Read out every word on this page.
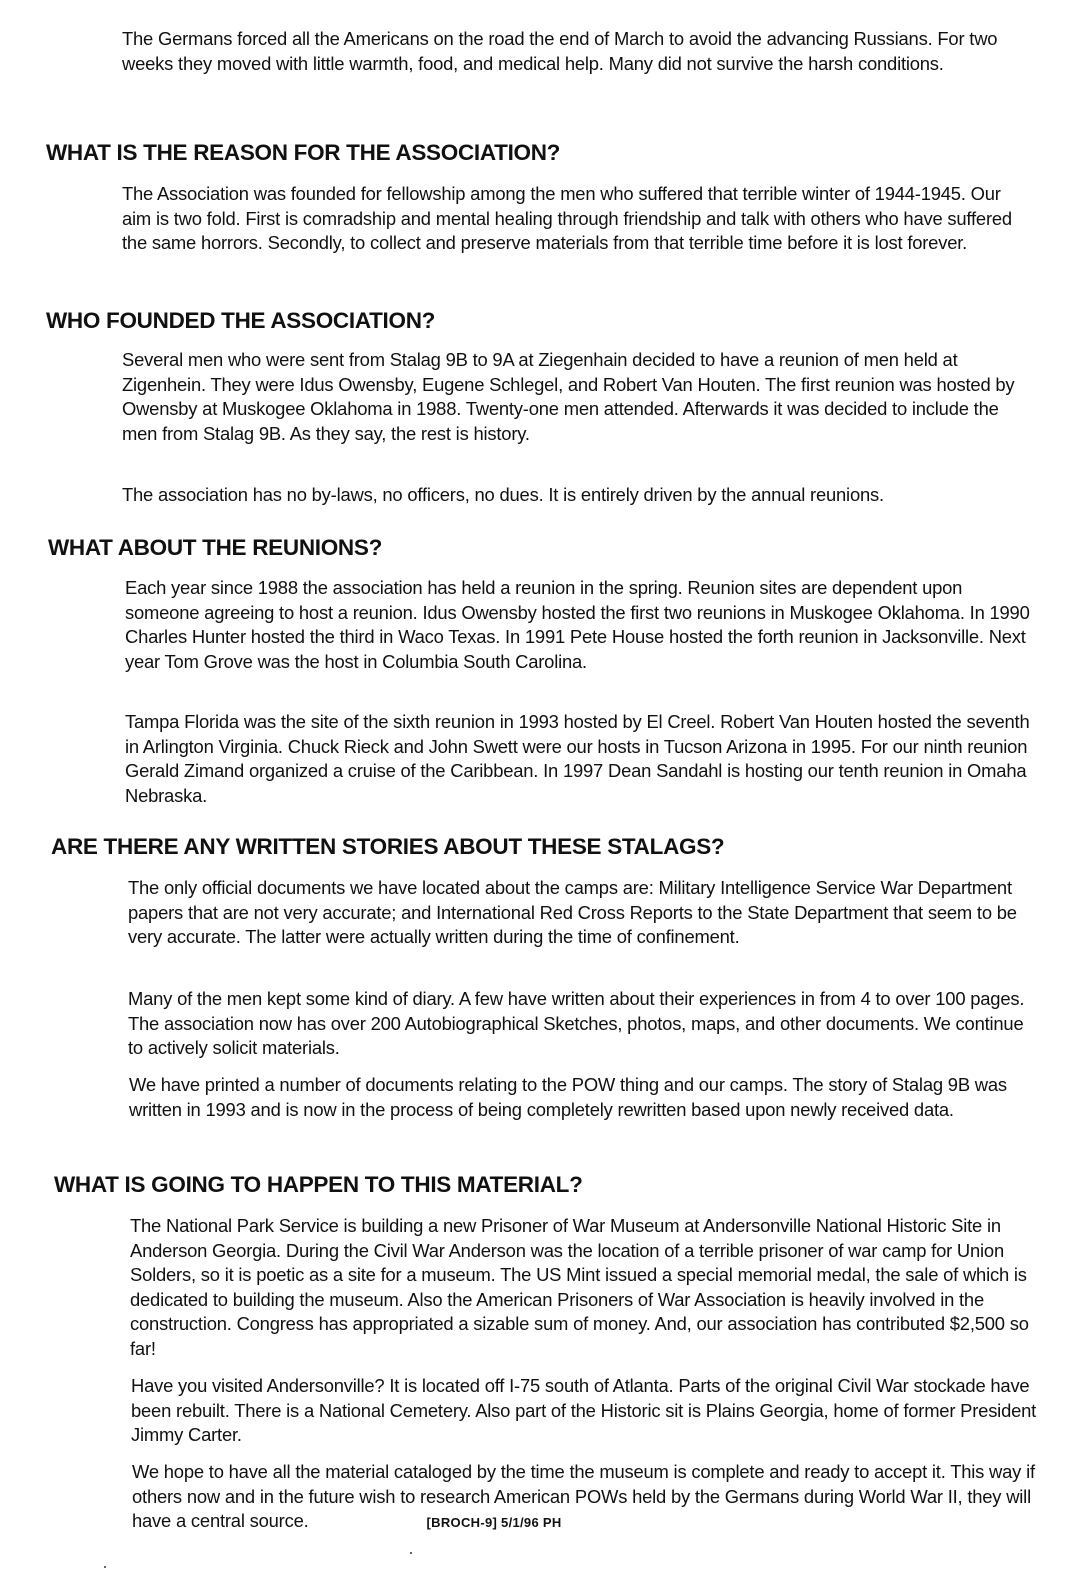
The Germans forced all the Americans on the road the end of March to avoid the advancing Russians. For two weeks they moved with little warmth, food, and medical help. Many did not survive the harsh conditions.

WHAT IS THE REASON FOR THE ASSOCIATION?

The Association was founded for fellowship among the men who suffered that terrible winter of 1944-1945. Our aim is two fold. First is comradship and mental healing through friendship and talk with others who have suffered the same horrors. Secondly, to collect and preserve materials from that terrible time before it is lost forever.

WHO FOUNDED THE ASSOCIATION?

Several men who were sent from Stalag 9B to 9A at Ziegenhain decided to have a reunion of men held at Zigenhein. They were Idus Owensby, Eugene Schlegel, and Robert Van Houten. The first reunion was hosted by Owensby at Muskogee Oklahoma in 1988. Twenty-one men attended. Afterwards it was decided to include the men from Stalag 9B. As they say, the rest is history.

The association has no by-laws, no officers, no dues. It is entirely driven by the annual reunions.

WHAT ABOUT THE REUNIONS?

Each year since 1988 the association has held a reunion in the spring. Reunion sites are dependent upon someone agreeing to host a reunion. Idus Owensby hosted the first two reunions in Muskogee Oklahoma. In 1990 Charles Hunter hosted the third in Waco Texas. In 1991 Pete House hosted the forth reunion in Jacksonville. Next year Tom Grove was the host in Columbia South Carolina.

Tampa Florida was the site of the sixth reunion in 1993 hosted by El Creel. Robert Van Houten hosted the seventh in Arlington Virginia. Chuck Rieck and John Swett were our hosts in Tucson Arizona in 1995. For our ninth reunion Gerald Zimand organized a cruise of the Caribbean. In 1997 Dean Sandahl is hosting our tenth reunion in Omaha Nebraska.

ARE THERE ANY WRITTEN STORIES ABOUT THESE STALAGS?

The only official documents we have located about the camps are: Military Intelligence Service War Department papers that are not very accurate; and International Red Cross Reports to the State Department that seem to be very accurate. The latter were actually written during the time of confinement.

Many of the men kept some kind of diary. A few have written about their experiences in from 4 to over 100 pages. The association now has over 200 Autobiographical Sketches, photos, maps, and other documents. We continue to actively solicit materials.

We have printed a number of documents relating to the POW thing and our camps. The story of Stalag 9B was written in 1993 and is now in the process of being completely rewritten based upon newly received data.

WHAT IS GOING TO HAPPEN TO THIS MATERIAL?

The National Park Service is building a new Prisoner of War Museum at Andersonville National Historic Site in Anderson Georgia. During the Civil War Anderson was the location of a terrible prisoner of war camp for Union Solders, so it is poetic as a site for a museum. The US Mint issued a special memorial medal, the sale of which is dedicated to building the museum. Also the American Prisoners of War Association is heavily involved in the construction. Congress has appropriated a sizable sum of money. And, our association has contributed $2,500 so far!

Have you visited Andersonville? It is located off I-75 south of Atlanta. Parts of the original Civil War stockade have been rebuilt. There is a National Cemetery. Also part of the Historic sit is Plains Georgia, home of former President Jimmy Carter.

We hope to have all the material cataloged by the time the museum is complete and ready to accept it. This way if others now and in the future wish to research American POWs held by the Germans during World War II, they will have a central source.	[BROCH-9] 5/1/96 PH
